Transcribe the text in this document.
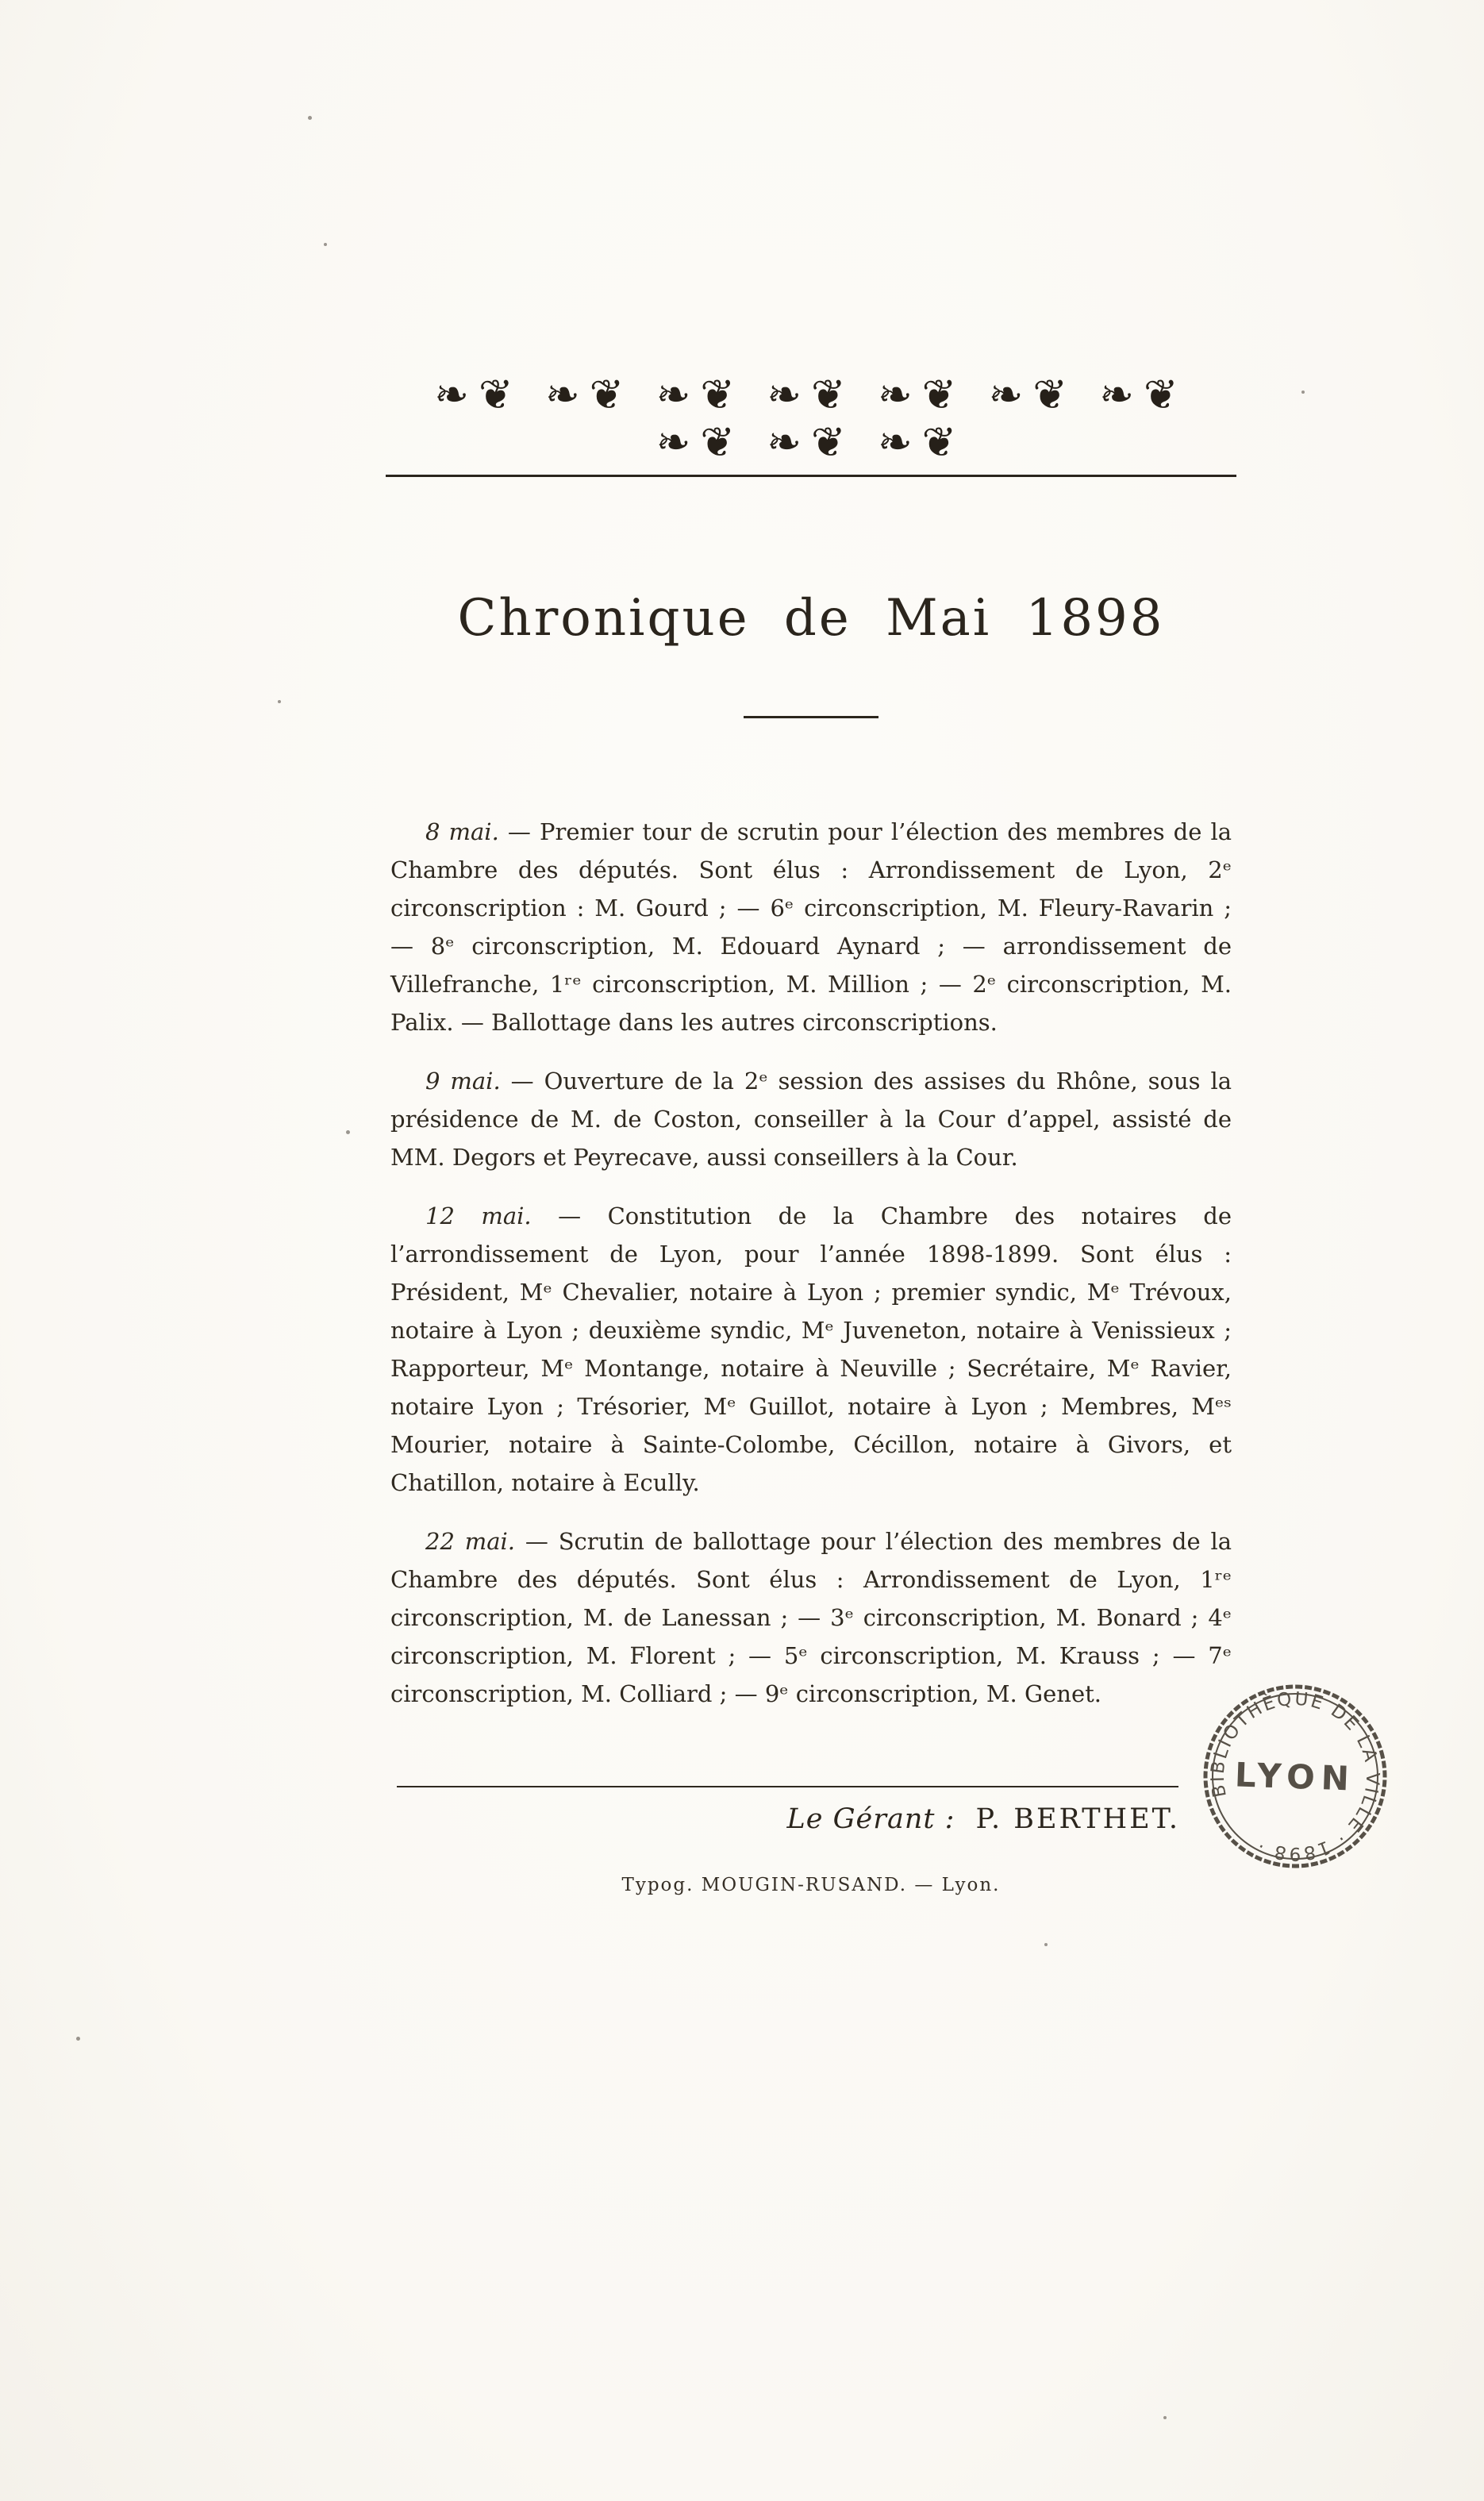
❧❦ ❧❦ ❧❦ ❧❦ ❧❦ ❧❦ ❧❦ ❧❦ ❧❦ ❧❦
Chronique de Mai 1898

8 mai. — Premier tour de scrutin pour l’élection des membres de la Chambre des députés. Sont élus : Arrondissement de Lyon, 2ᵉ circonscription : M. Gourd ; — 6ᵉ circonscription, M. Fleury-Ravarin ; — 8ᵉ circonscription, M. Edouard Aynard ; — arrondissement de Villefranche, 1ʳᵉ circonscription, M. Million ; — 2ᵉ circonscription, M. Palix. — Ballottage dans les autres circonscriptions.

9 mai. — Ouverture de la 2ᵉ session des assises du Rhône, sous la présidence de M. de Coston, conseiller à la Cour d’appel, assisté de MM. Degors et Peyrecave, aussi conseillers à la Cour.

12 mai. — Constitution de la Chambre des notaires de l’arrondissement de Lyon, pour l’année 1898-1899. Sont élus : Président, Mᵉ Chevalier, notaire à Lyon ; premier syndic, Mᵉ Trévoux, notaire à Lyon ; deuxième syndic, Mᵉ Juveneton, notaire à Venissieux ; Rapporteur, Mᵉ Montange, notaire à Neuville ; Secrétaire, Mᵉ Ravier, notaire Lyon ; Trésorier, Mᵉ Guillot, notaire à Lyon ; Membres, Mᵉˢ Mourier, notaire à Sainte-Colombe, Cécillon, notaire à Givors, et Chatillon, notaire à Ecully.

22 mai. — Scrutin de ballottage pour l’élection des membres de la Chambre des députés. Sont élus : Arrondissement de Lyon, 1ʳᵉ circonscription, M. de Lanessan ; — 3ᵉ circonscription, M. Bonard ; 4ᵉ circonscription, M. Florent ; — 5ᵉ circonscription, M. Krauss ; — 7ᵉ circonscription, M. Colliard ; — 9ᵉ circonscription, M. Genet.

Le Gérant : P. BERTHET.
Typog. MOUGIN-RUSAND. — Lyon.
BIBLIOTHÈQUE DE LA VILLE · 1898 ·
LYON
